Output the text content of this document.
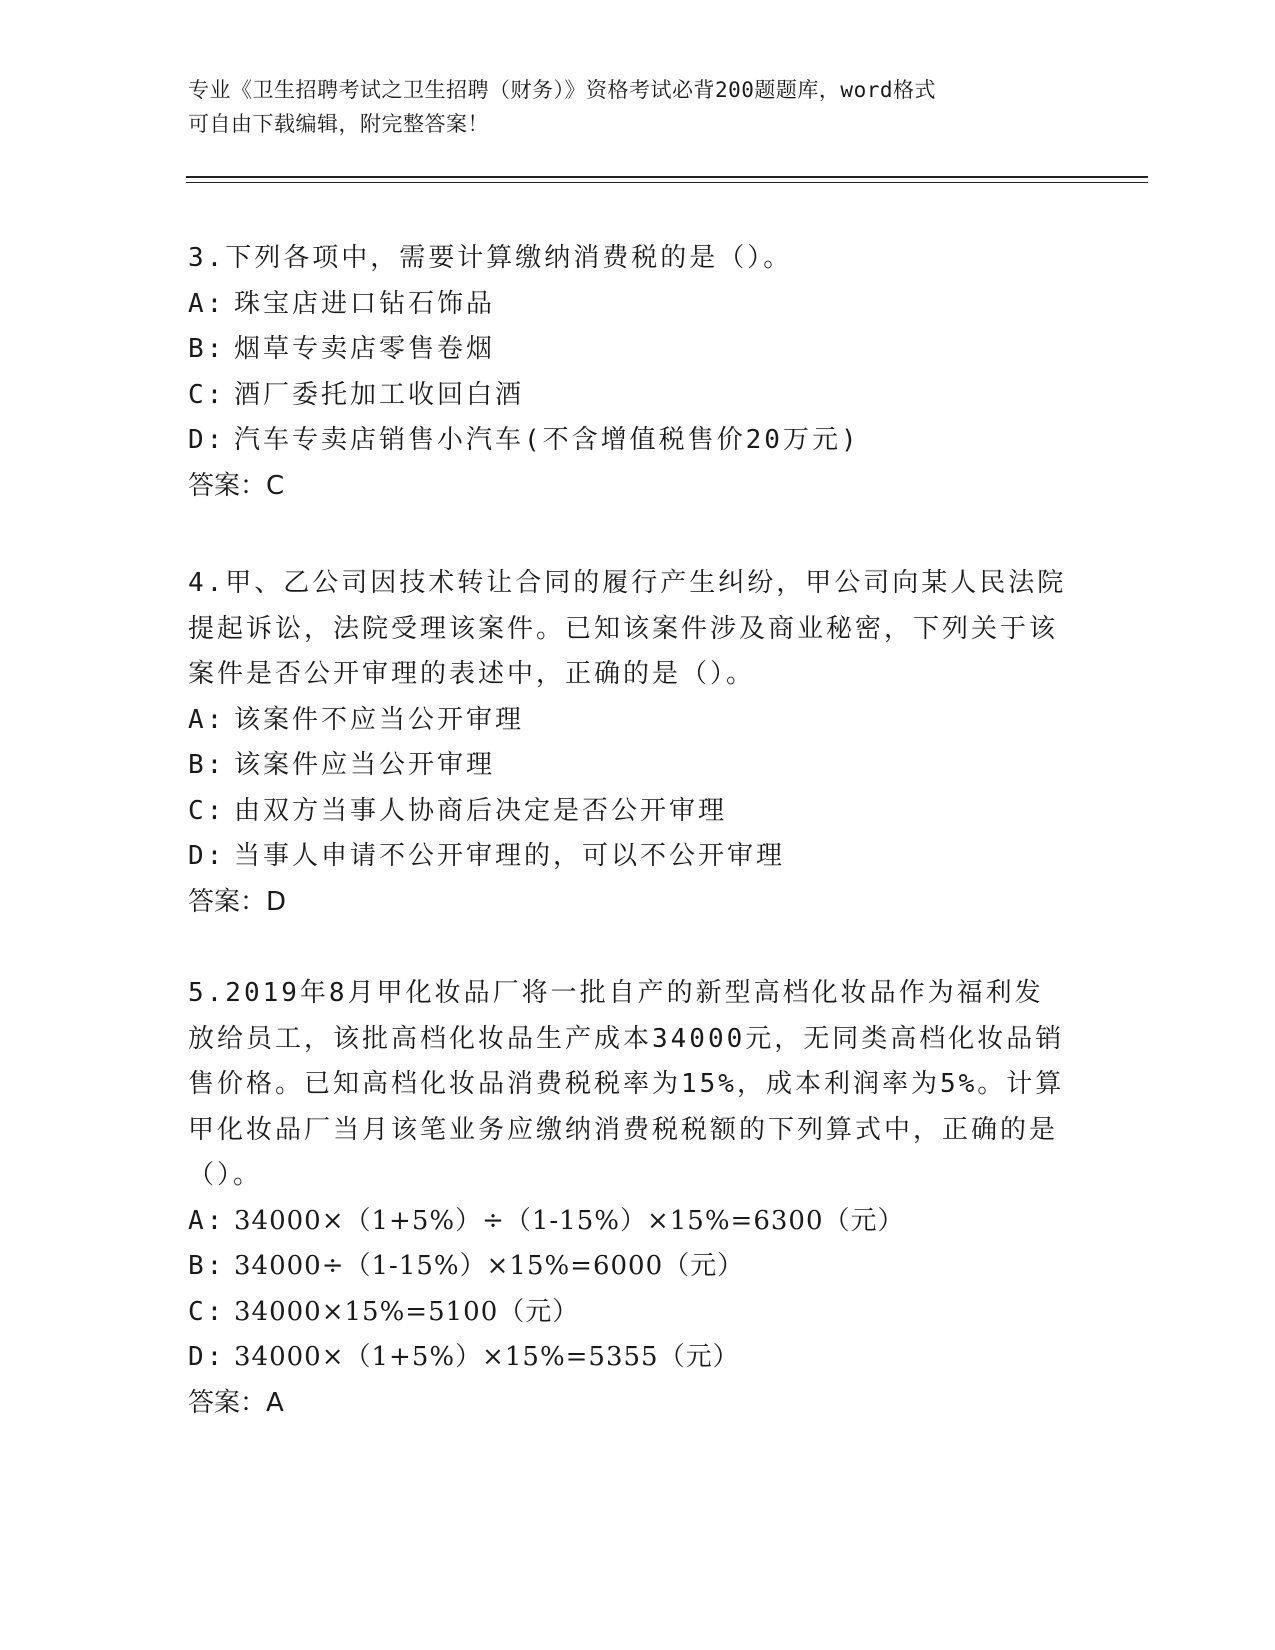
专业《卫生招聘考试之卫生招聘（财务）》资格考试必背200题题库，word格式
可自由下载编辑，附完整答案！

3.下列各项中，需要计算缴纳消费税的是（）。

A: 珠宝店进口钻石饰品
B: 烟草专卖店零售卷烟
C: 酒厂委托加工收回白酒
D: 汽车专卖店销售小汽车(不含增值税售价20万元)

答案：C

4.甲、乙公司因技术转让合同的履行产生纠纷，甲公司向某人民法院提起诉讼，法院受理该案件。已知该案件涉及商业秘密，下列关于该案件是否公开审理的表述中，正确的是（）。

A: 该案件不应当公开审理
B: 该案件应当公开审理
C: 由双方当事人协商后决定是否公开审理
D: 当事人申请不公开审理的，可以不公开审理

答案：D

5.2019年8月甲化妆品厂将一批自产的新型高档化妆品作为福利发放给员工，该批高档化妆品生产成本34000元，无同类高档化妆品销售价格。已知高档化妆品消费税税率为15%，成本利润率为5%。计算甲化妆品厂当月该笔业务应缴纳消费税税额的下列算式中，正确的是（）。

A: 34000×（1+5%）÷（1-15%）×15%=6300（元）
B: 34000÷（1-15%）×15%=6000（元）
C: 34000×15%=5100（元）
D: 34000×（1+5%）×15%=5355（元）

答案：A
